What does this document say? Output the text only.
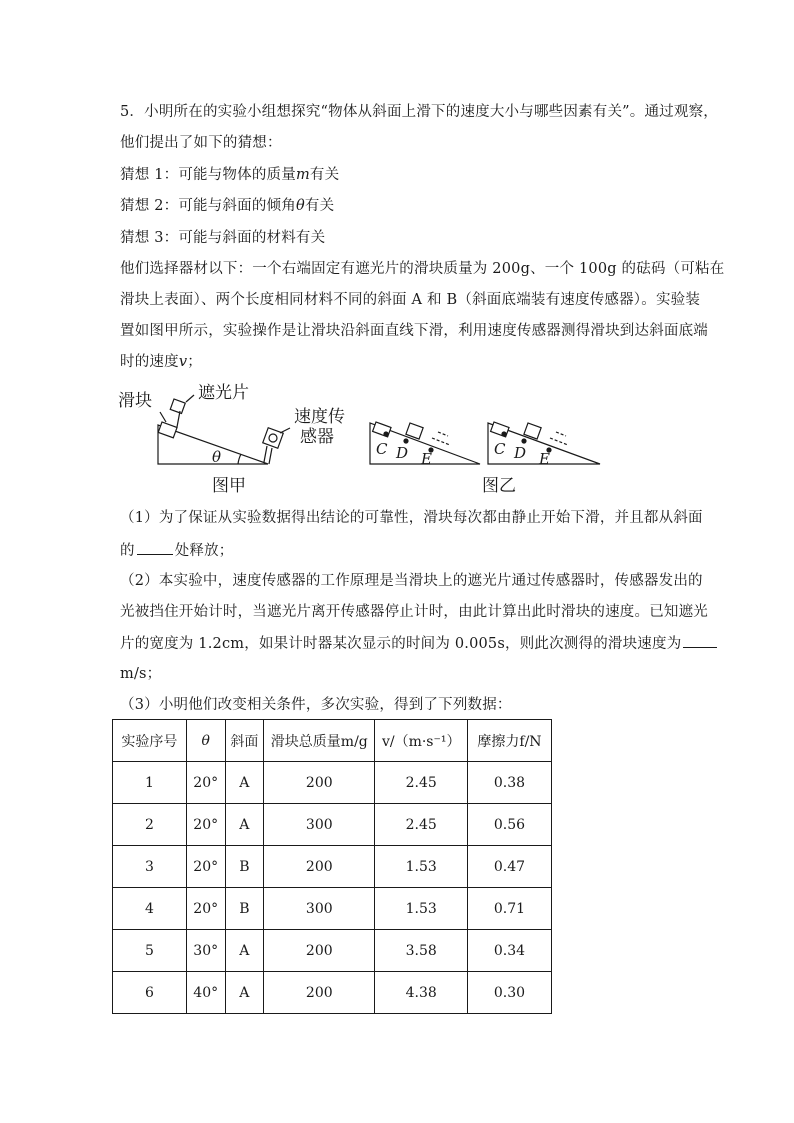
5．小明所在的实验小组想探究“物体从斜面上滑下的速度大小与哪些因素有关”。通过观察，
他们提出了如下的猜想：
猜想 1：可能与物体的质量m有关
猜想 2：可能与斜面的倾角θ有关
猜想 3：可能与斜面的材料有关
他们选择器材以下：一个右端固定有遮光片的滑块质量为 200g、一个 100g 的砝码（可粘在
滑块上表面）、两个长度相同材料不同的斜面 A 和 B（斜面底端装有速度传感器）。实验装
置如图甲所示，实验操作是让滑块沿斜面直线下滑，利用速度传感器测得滑块到达斜面底端
时的速度v；
滑块	遮光片
速度传
感器
θ	C D E
C D E
图甲	图乙
（1）为了保证从实验数据得出结论的可靠性，滑块每次都由静止开始下滑，并且都从斜面
的	处释放；
（2）本实验中，速度传感器的工作原理是当滑块上的遮光片通过传感器时，传感器发出的
光被挡住开始计时，当遮光片离开传感器停止计时，由此计算出此时滑块的速度。已知遮光
片的宽度为 1.2cm，如果计时器某次显示的时间为 0.005s，则此次测得的滑块速度为
m/s；
（3）小明他们改变相关条件，多次实验，得到了下列数据：
实验序号	θ	斜面	滑块总质量m/g	v/（m·s⁻¹）	摩擦力f/N
1	20°	A	200	2.45	0.38
2	20°	A	300	2.45	0.56
3	20°	B	200	1.53	0.47
4	20°	B	300	1.53	0.71
5	30°	A	200	3.58	0.34
6	40°	A	200	4.38	0.30
